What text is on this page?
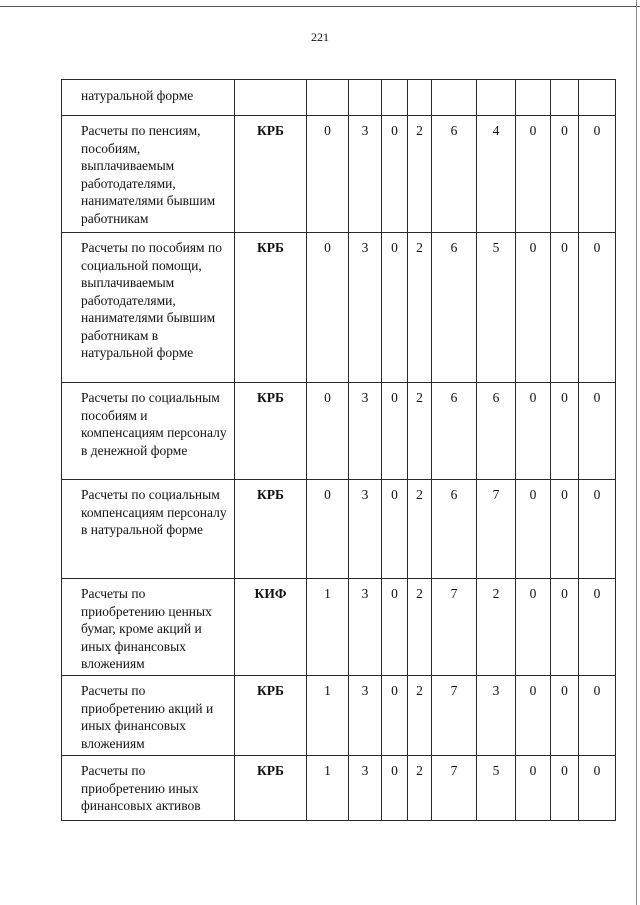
221
натуральной форме										
Расчеты по пенсиям, пособиям, выплачиваемым работодателями, нанимателями бывшим работникам	КРБ	0	3	0	2	6	4	0	0	0
Расчеты по пособиям по социальной помощи, выплачиваемым работодателями, нанимателями бывшим работникам в натуральной форме	КРБ	0	3	0	2	6	5	0	0	0
Расчеты по социальным пособиям и компенсациям персоналу в денежной форме	КРБ	0	3	0	2	6	6	0	0	0
Расчеты по социальным компенсациям персоналу в натуральной форме	КРБ	0	3	0	2	6	7	0	0	0
Расчеты по приобретению ценных бумаг, кроме акций и иных финансовых вложениям	КИФ	1	3	0	2	7	2	0	0	0
Расчеты по приобретению акций и иных финансовых вложениям	КРБ	1	3	0	2	7	3	0	0	0
Расчеты по приобретению иных финансовых активов	КРБ	1	3	0	2	7	5	0	0	0
